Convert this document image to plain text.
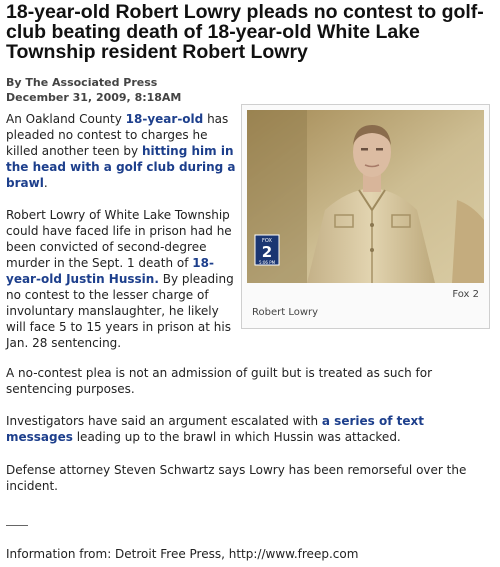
18-year-old Robert Lowry pleads no contest to golf-club beating death of 18-year-old White Lake Township resident Robert Lowry
By The Associated Press
December 31, 2009, 8:18AM

An Oakland County 18-year-old has pleaded no contest to charges he killed another teen by hitting him in the head with a golf club during a brawl.

Robert Lowry of White Lake Township could have faced life in prison had he been convicted of second-degree murder in the Sept. 1 death of 18-year-old Justin Hussin. By pleading no contest to the lesser charge of involuntary manslaughter, he likely will face 5 to 15 years in prison at his Jan. 28 sentencing.

FOX
2
5:06 PM
Fox 2
Robert Lowry

A no-contest plea is not an admission of guilt but is treated as such for sentencing purposes.

Investigators have said an argument escalated with a series of text messages leading up to the brawl in which Hussin was attacked.

Defense attorney Steven Schwartz says Lowry has been remorseful over the incident.

Information from: Detroit Free Press, http://www.freep.com
